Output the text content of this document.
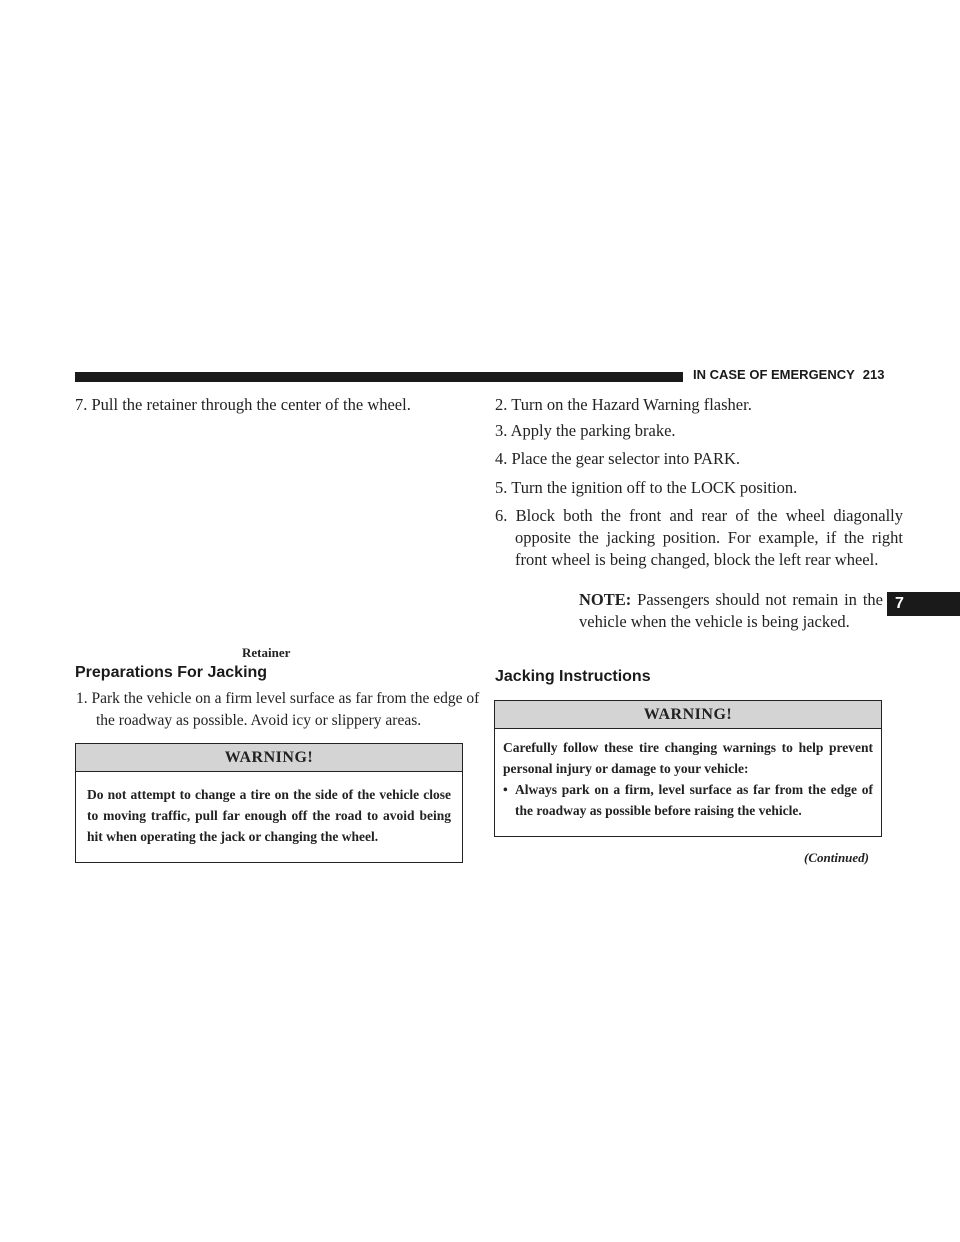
IN CASE OF EMERGENCY 213
7. Pull the retainer through the center of the wheel.
Retainer
Preparations For Jacking
1. Park the vehicle on a firm level surface as far from the edge of the roadway as possible. Avoid icy or slippery areas.
WARNING!
Do not attempt to change a tire on the side of the vehicle close to moving traffic, pull far enough off the road to avoid being hit when operating the jack or changing the wheel.
2. Turn on the Hazard Warning flasher.
3. Apply the parking brake.
4. Place the gear selector into PARK.
5. Turn the ignition off to the LOCK position.
6. Block both the front and rear of the wheel diagonally opposite the jacking position. For example, if the right front wheel is being changed, block the left rear wheel.
NOTE: Passengers should not remain in the vehicle when the vehicle is being jacked.
Jacking Instructions
WARNING!
Carefully follow these tire changing warnings to help prevent personal injury or damage to your vehicle:
• Always park on a firm, level surface as far from the edge of the roadway as possible before raising the vehicle.
(Continued)
7
